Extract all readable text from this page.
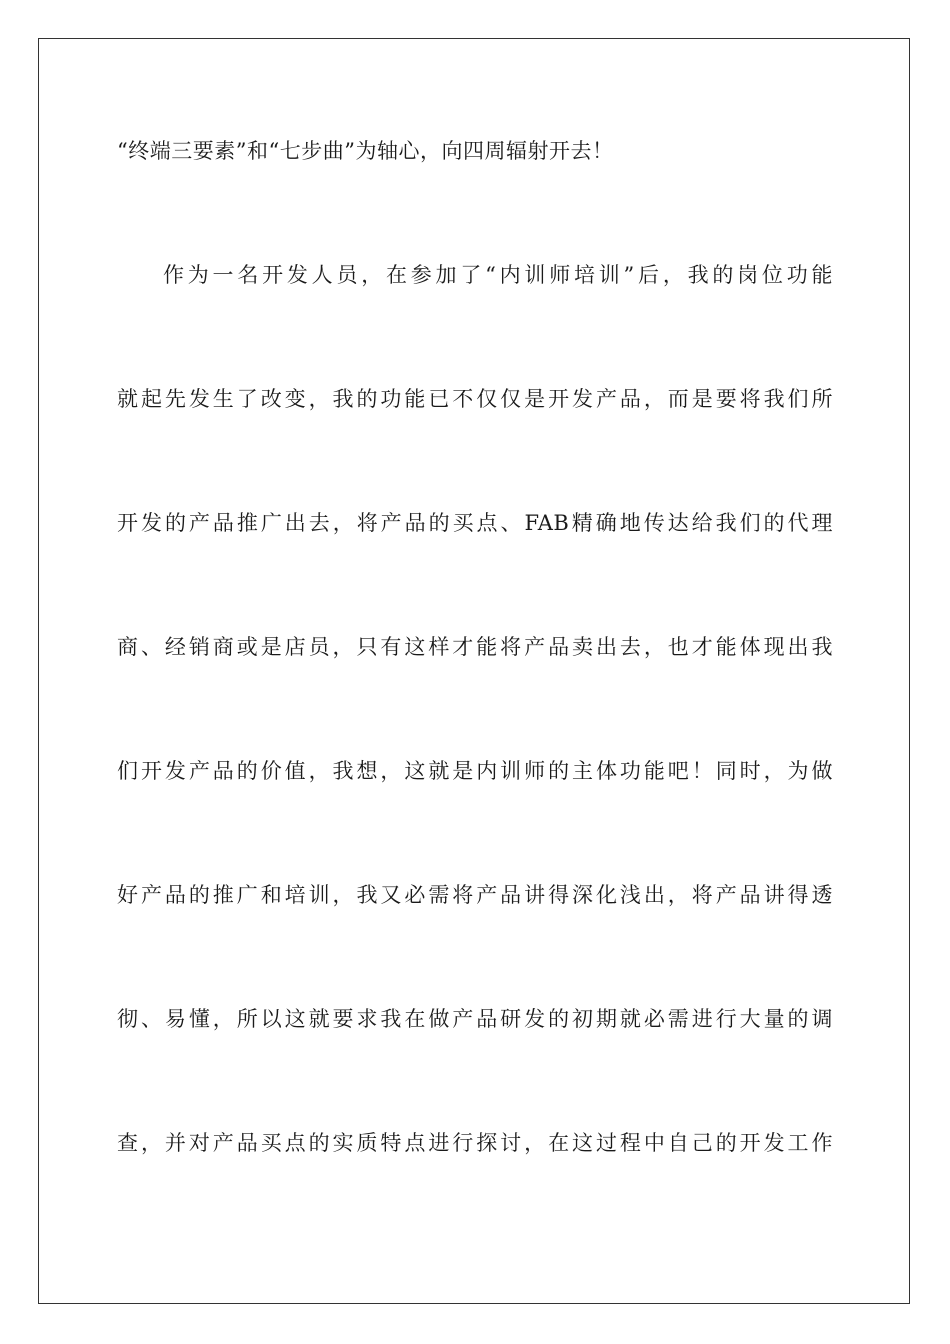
“终端三要素”和“七步曲”为轴心，向四周辐射开去！
作为一名开发人员，在参加了“内训师培训”后，我的岗位功能
就起先发生了改变，我的功能已不仅仅是开发产品，而是要将我们所
开发的产品推广出去，将产品的买点、FAB精确地传达给我们的代理
商、经销商或是店员，只有这样才能将产品卖出去，也才能体现出我
们开发产品的价值，我想，这就是内训师的主体功能吧！同时，为做
好产品的推广和培训，我又必需将产品讲得深化浅出，将产品讲得透
彻、易懂，所以这就要求我在做产品研发的初期就必需进行大量的调
查，并对产品买点的实质特点进行探讨，在这过程中自己的开发工作
